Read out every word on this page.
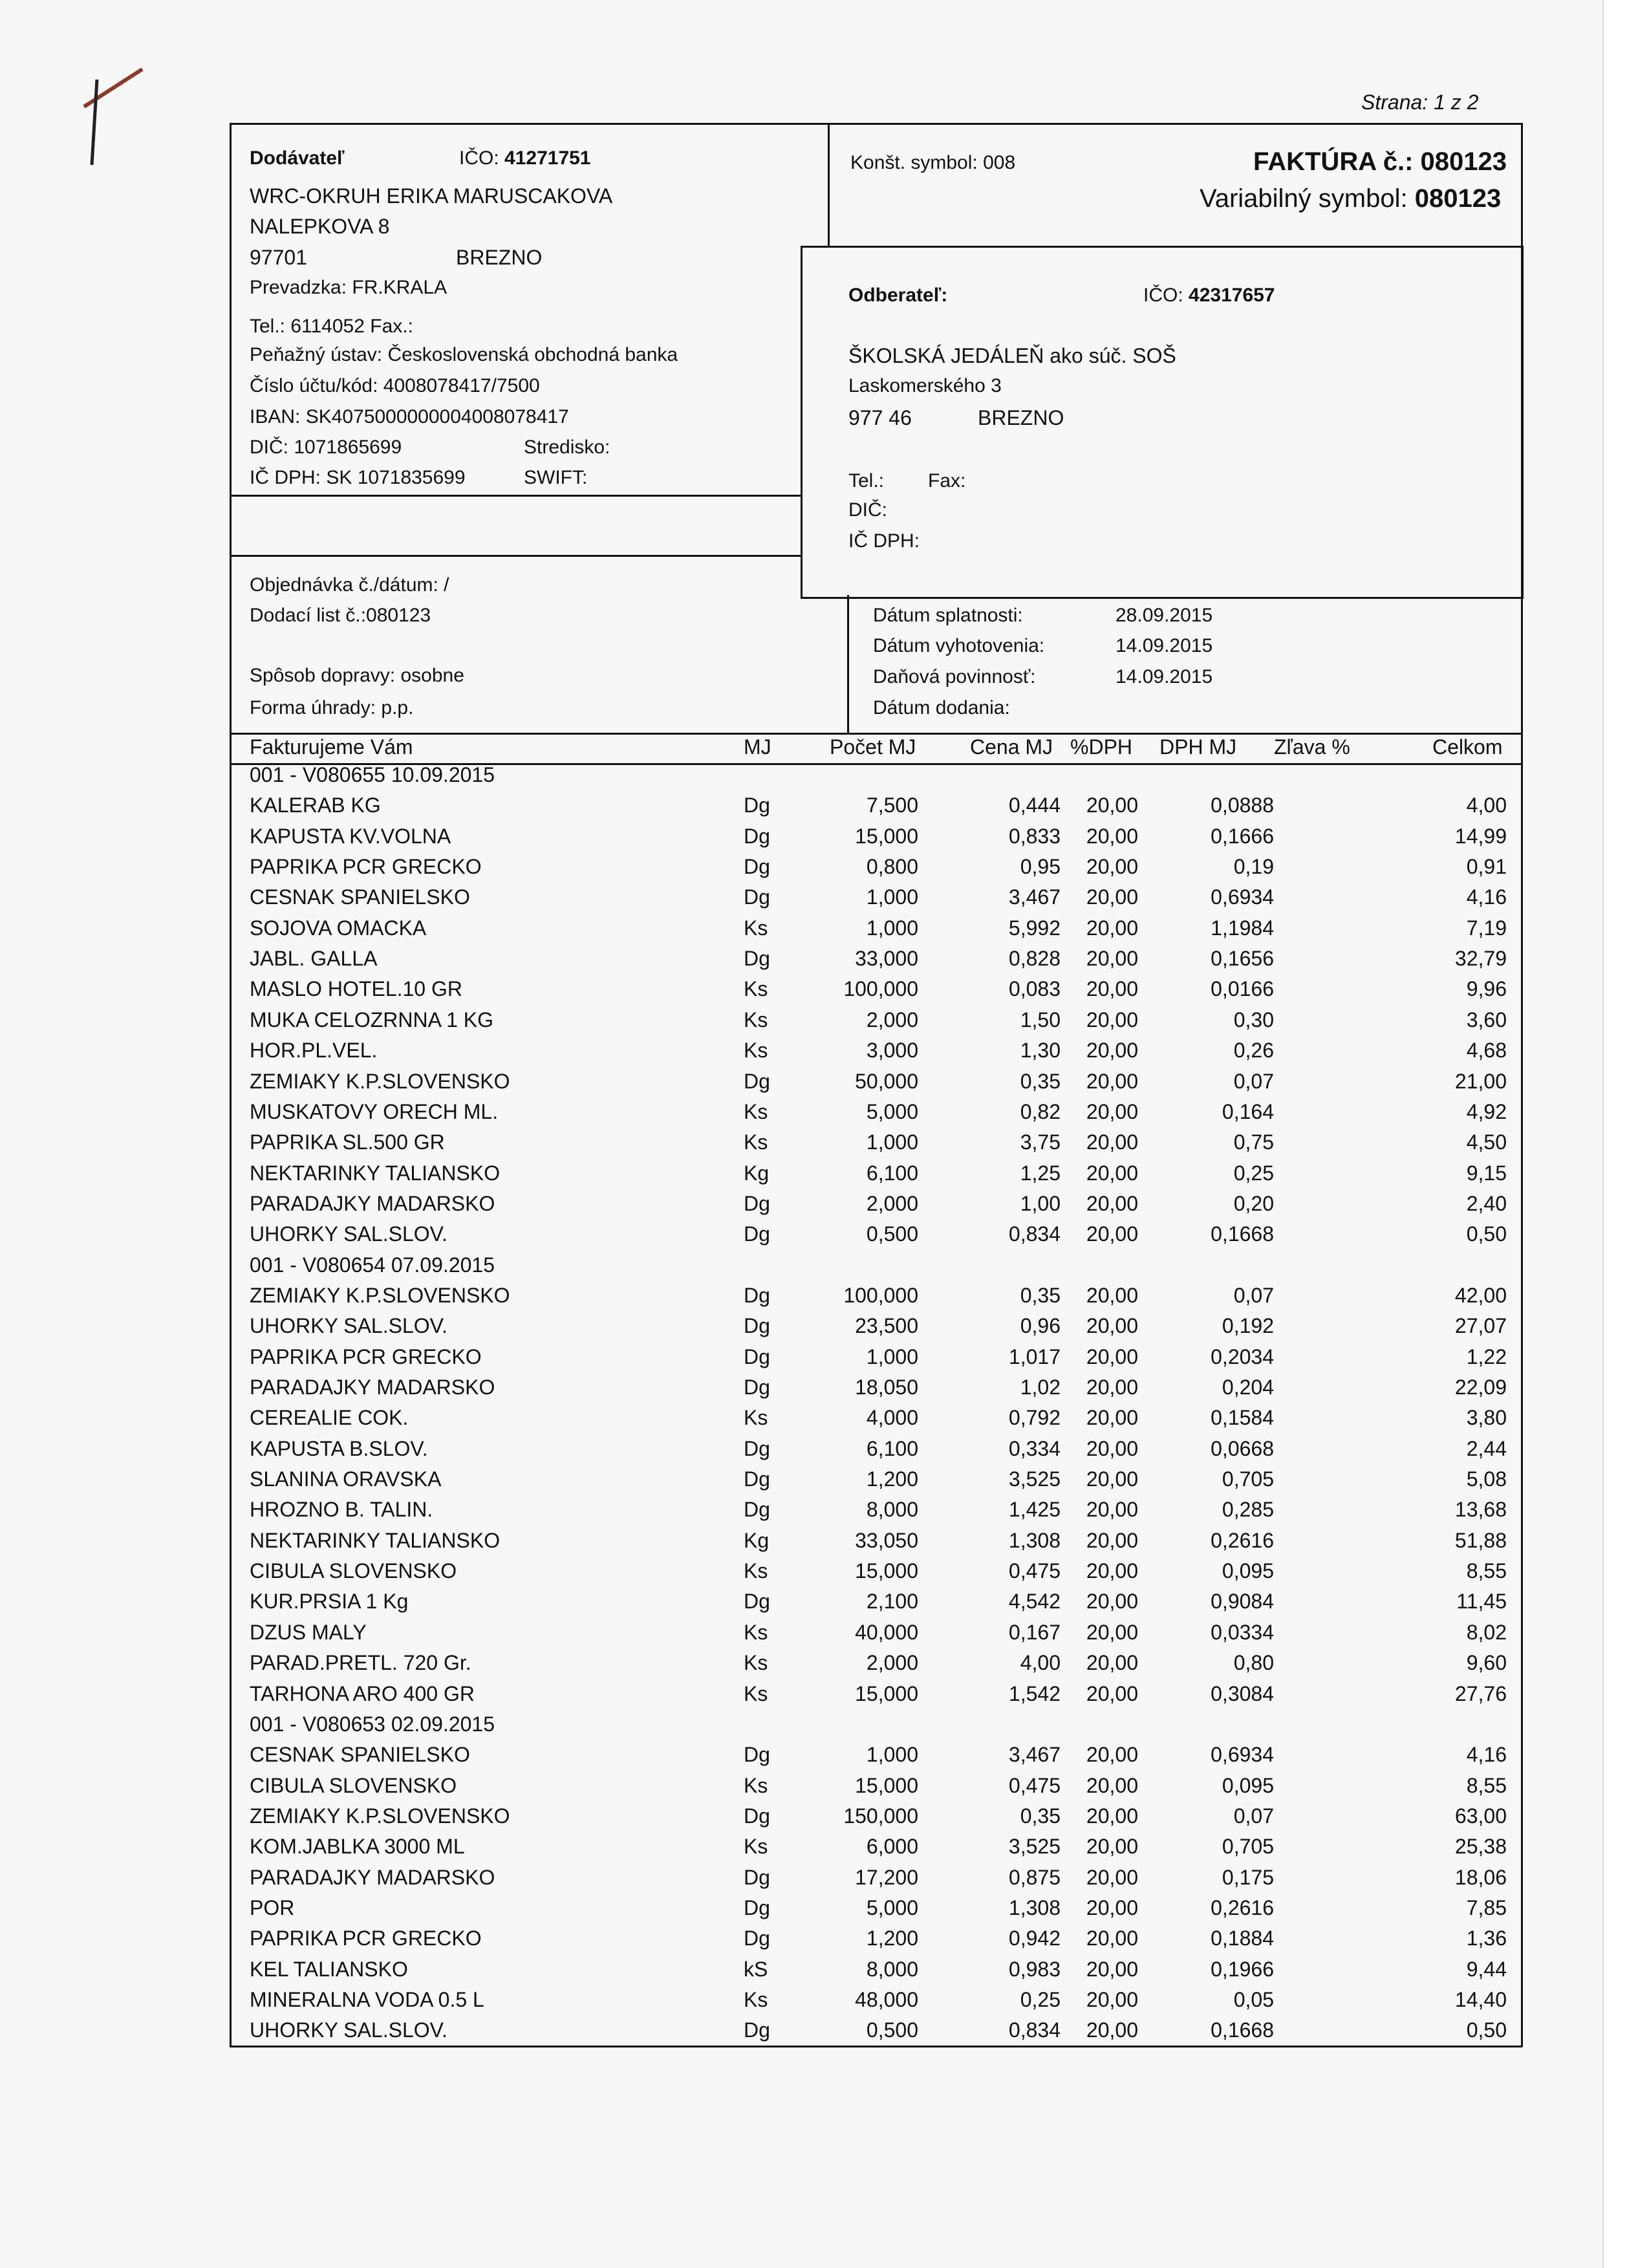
Strana: 1 z 2
Konšt. symbol: 008	FAKTÚRA č.: 080123
Variabilný symbol: 080123
Dodávateľ	IČO: 41271751
WRC-OKRUH ERIKA MARUSCAKOVA
NALEPKOVA 8
97701	BREZNO
Prevadzka: FR.KRALA
Tel.: 6114052 Fax.:
Peňažný ústav: Československá obchodná banka
Číslo účtu/kód: 4008078417/7500
IBAN: SK4075000000004008078417
DIČ: 1071865699	Stredisko:
IČ DPH: SK 1071835699	SWIFT:
Odberateľ:	IČO: 42317657
ŠKOLSKÁ JEDÁLEŇ ako súč. SOŠ
Laskomerského 3
977 46	BREZNO
Tel.: Fax:
DIČ:
IČ DPH:
Objednávka č./dátum: /
Dodací list č.:080123
Spôsob dopravy: osobne
Forma úhrady: p.p.
Dátum splatnosti:	28.09.2015
Dátum vyhotovenia:	14.09.2015
Daňová povinnosť:	14.09.2015
Dátum dodania:
Fakturujeme Vám	MJ	Počet MJ	Cena MJ %DPH DPH MJ Zľava %	Celkom
001 - V080655 10.09.2015
KALERAB KG	Dg	7,500	0,444	20,00	0,0888	4,00
KAPUSTA KV.VOLNA	Dg	15,000	0,833	20,00	0,1666	14,99
PAPRIKA PCR GRECKO	Dg	0,800	0,95	20,00	0,19	0,91
CESNAK SPANIELSKO	Dg	1,000	3,467	20,00	0,6934	4,16
SOJOVA OMACKA	Ks	1,000	5,992	20,00	1,1984	7,19
JABL. GALLA	Dg	33,000	0,828	20,00	0,1656	32,79
MASLO HOTEL.10 GR	Ks	100,000	0,083	20,00	0,0166	9,96
MUKA CELOZRNNA 1 KG	Ks	2,000	1,50	20,00	0,30	3,60
HOR.PL.VEL.	Ks	3,000	1,30	20,00	0,26	4,68
ZEMIAKY K.P.SLOVENSKO	Dg	50,000	0,35	20,00	0,07	21,00
MUSKATOVY ORECH ML.	Ks	5,000	0,82	20,00	0,164	4,92
PAPRIKA SL.500 GR	Ks	1,000	3,75	20,00	0,75	4,50
NEKTARINKY TALIANSKO	Kg	6,100	1,25	20,00	0,25	9,15
PARADAJKY MADARSKO	Dg	2,000	1,00	20,00	0,20	2,40
UHORKY SAL.SLOV.	Dg	0,500	0,834	20,00	0,1668	0,50
001 - V080654 07.09.2015
ZEMIAKY K.P.SLOVENSKO	Dg	100,000	0,35	20,00	0,07	42,00
UHORKY SAL.SLOV.	Dg	23,500	0,96	20,00	0,192	27,07
PAPRIKA PCR GRECKO	Dg	1,000	1,017	20,00	0,2034	1,22
PARADAJKY MADARSKO	Dg	18,050	1,02	20,00	0,204	22,09
CEREALIE COK.	Ks	4,000	0,792	20,00	0,1584	3,80
KAPUSTA B.SLOV.	Dg	6,100	0,334	20,00	0,0668	2,44
SLANINA ORAVSKA	Dg	1,200	3,525	20,00	0,705	5,08
HROZNO B. TALIN.	Dg	8,000	1,425	20,00	0,285	13,68
NEKTARINKY TALIANSKO	Kg	33,050	1,308	20,00	0,2616	51,88
CIBULA SLOVENSKO	Ks	15,000	0,475	20,00	0,095	8,55
KUR.PRSIA 1 Kg	Dg	2,100	4,542	20,00	0,9084	11,45
DZUS MALY	Ks	40,000	0,167	20,00	0,0334	8,02
PARAD.PRETL. 720 Gr.	Ks	2,000	4,00	20,00	0,80	9,60
TARHONA ARO 400 GR	Ks	15,000	1,542	20,00	0,3084	27,76
001 - V080653 02.09.2015
CESNAK SPANIELSKO	Dg	1,000	3,467	20,00	0,6934	4,16
CIBULA SLOVENSKO	Ks	15,000	0,475	20,00	0,095	8,55
ZEMIAKY K.P.SLOVENSKO	Dg	150,000	0,35	20,00	0,07	63,00
KOM.JABLKA 3000 ML	Ks	6,000	3,525	20,00	0,705	25,38
PARADAJKY MADARSKO	Dg	17,200	0,875	20,00	0,175	18,06
POR	Dg	5,000	1,308	20,00	0,2616	7,85
PAPRIKA PCR GRECKO	Dg	1,200	0,942	20,00	0,1884	1,36
KEL TALIANSKO	kS	8,000	0,983	20,00	0,1966	9,44
MINERALNA VODA 0.5 L	Ks	48,000	0,25	20,00	0,05	14,40
UHORKY SAL.SLOV.	Dg	0,500	0,834	20,00	0,1668	0,50
